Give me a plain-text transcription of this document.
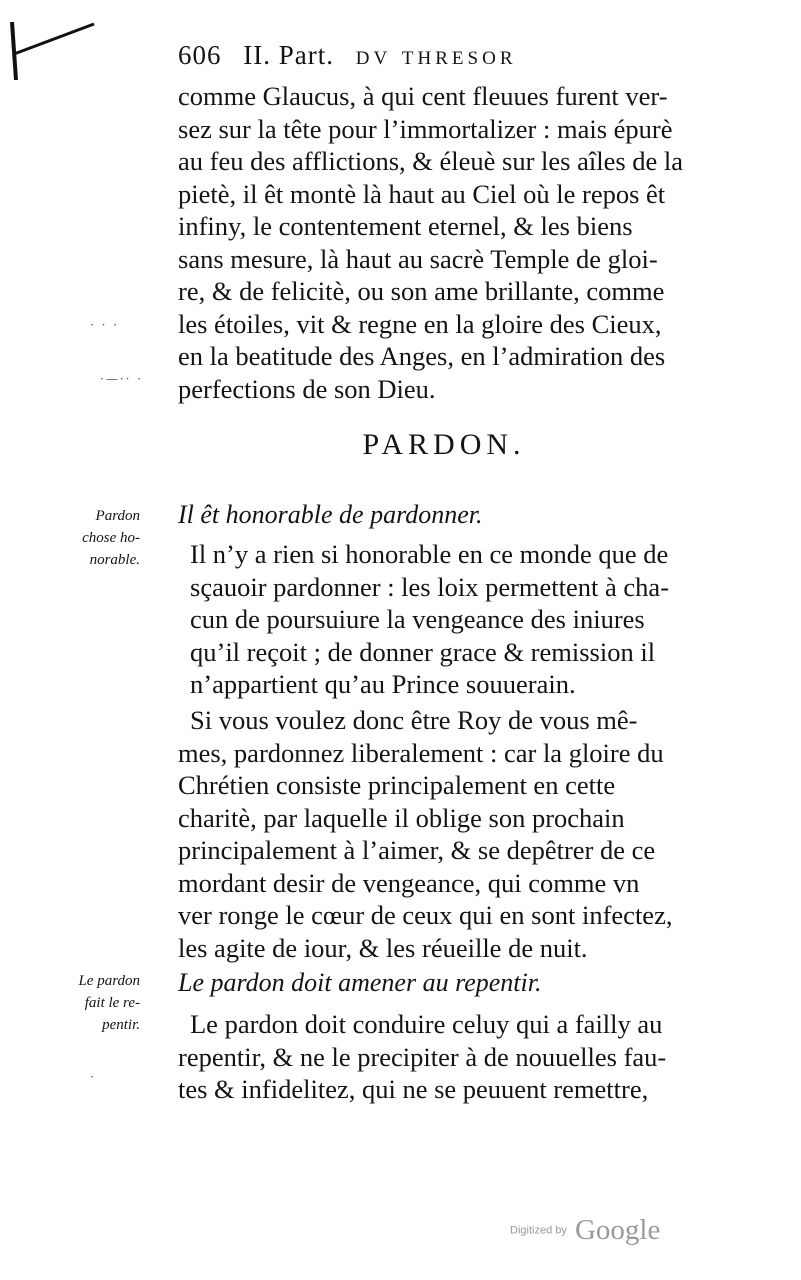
606 II. Part. dv thresor
comme Glaucus, à qui cent fleuues furent ver-
sez sur la tête pour l’immortalizer : mais épurè
au feu des afflictions, & éleuè sur les aîles de la
pietè, il êt montè là haut au Ciel où le repos êt
infiny, le contentement eternel, & les biens
sans mesure, là haut au sacrè Temple de gloi-
re, & de felicitè, ou son ame brillante, comme
les étoiles, vit & regne en la gloire des Cieux,
en la beatitude des Anges, en l’admiration des
perfections de son Dieu.
· · ·
·—·· ·
PARDON.
Pardon
chose ho-
norable.
Il êt honorable de pardonner.
Il n’y a rien si honorable en ce monde que de
sçauoir pardonner : les loix permettent à cha-
cun de poursuiure la vengeance des iniures
qu’il reçoit ; de donner grace & remission il
n’appartient qu’au Prince souuerain.
Si vous voulez donc être Roy de vous mê-
mes, pardonnez liberalement : car la gloire du
Chrétien consiste principalement en cette
charitè, par laquelle il oblige son prochain
principalement à l’aimer, & se depêtrer de ce
mordant desir de vengeance, qui comme vn
ver ronge le cœur de ceux qui en sont infectez,
les agite de iour, & les réueille de nuit.
Le pardon
fait le re-
pentir.
Le pardon doit amener au repentir.
Le pardon doit conduire celuy qui a failly au
repentir, & ne le precipiter à de nouuelles fau-
tes & infidelitez, qui ne se peuuent remettre,
·
Digitized by Google
